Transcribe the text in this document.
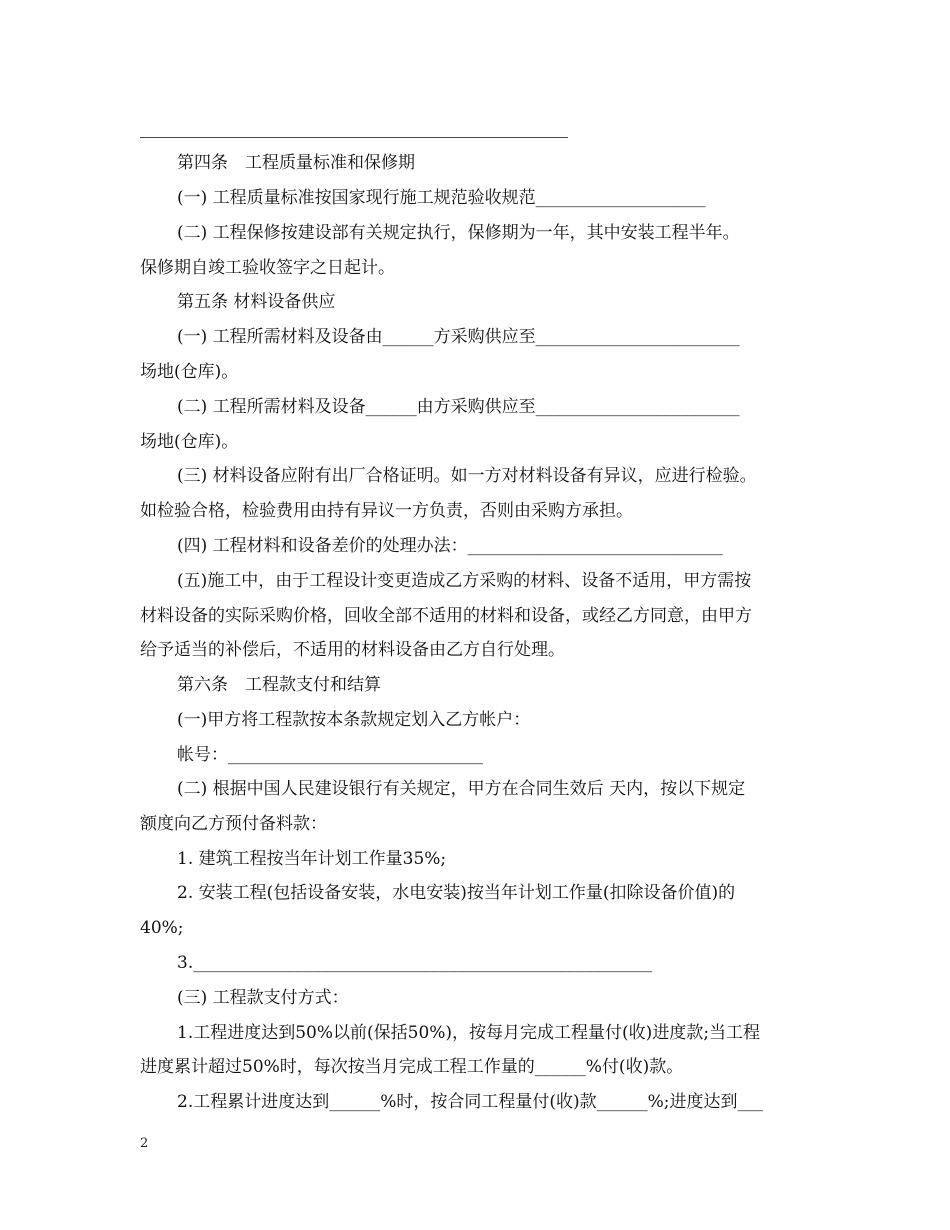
第四条　工程质量标准和保修期
(一) 工程质量标准按国家现行施工规范验收规范____________________
(二) 工程保修按建设部有关规定执行，保修期为一年，其中安装工程半年。
保修期自竣工验收签字之日起计。
第五条 材料设备供应
(一) 工程所需材料及设备由______方采购供应至________________________
场地(仓库)。
(二) 工程所需材料及设备______由方采购供应至________________________
场地(仓库)。
(三) 材料设备应附有出厂合格证明。如一方对材料设备有异议，应进行检验。
如检验合格，检验费用由持有异议一方负责，否则由采购方承担。
(四) 工程材料和设备差价的处理办法：______________________________
(五)施工中，由于工程设计变更造成乙方采购的材料、设备不适用，甲方需按
材料设备的实际采购价格，回收全部不适用的材料和设备，或经乙方同意，由甲方
给予适当的补偿后，不适用的材料设备由乙方自行处理。
第六条　工程款支付和结算
(一)甲方将工程款按本条款规定划入乙方帐户：
帐号：______________________________
(二) 根据中国人民建设银行有关规定，甲方在合同生效后 天内，按以下规定
额度向乙方预付备料款：
1. 建筑工程按当年计划工作量35%;
2. 安装工程(包括设备安装，水电安装)按当年计划工作量(扣除设备价值)的
40%;
3.______________________________________________________
(三) 工程款支付方式：
1.工程进度达到50%以前(保括50%)，按每月完成工程量付(收)进度款;当工程
进度累计超过50%时，每次按当月完成工程工作量的______%付(收)款。
2.工程累计进度达到______%时，按合同工程量付(收)款______%;进度达到___
2
